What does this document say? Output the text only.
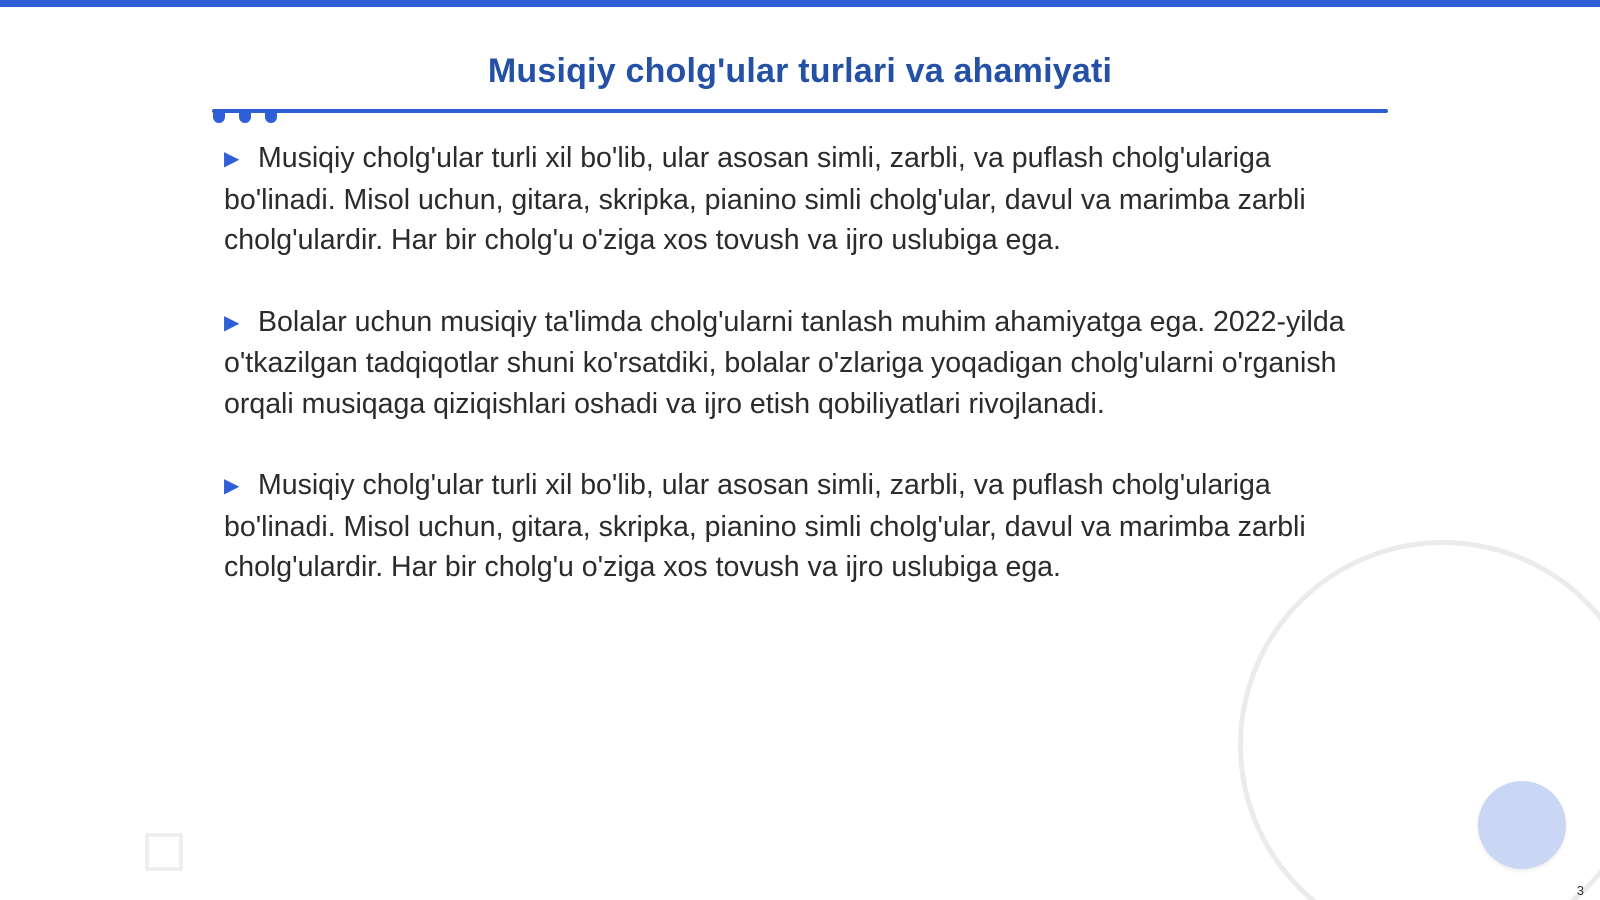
Musiqiy cholg'ular turlari va ahamiyati

▶ Musiqiy cholg'ular turli xil bo'lib, ular asosan simli, zarbli, va puflash cholg'ulariga bo'linadi. Misol uchun, gitara, skripka, pianino simli cholg'ular, davul va marimba zarbli cholg'ulardir. Har bir cholg'u o'ziga xos tovush va ijro uslubiga ega.

▶ Bolalar uchun musiqiy ta'limda cholg'ularni tanlash muhim ahamiyatga ega. 2022-yilda o'tkazilgan tadqiqotlar shuni ko'rsatdiki, bolalar o'zlariga yoqadigan cholg'ularni o'rganish orqali musiqaga qiziqishlari oshadi va ijro etish qobiliyatlari rivojlanadi.

▶ Musiqiy cholg'ular turli xil bo'lib, ular asosan simli, zarbli, va puflash cholg'ulariga bo'linadi. Misol uchun, gitara, skripka, pianino simli cholg'ular, davul va marimba zarbli cholg'ulardir. Har bir cholg'u o'ziga xos tovush va ijro uslubiga ega.

3
